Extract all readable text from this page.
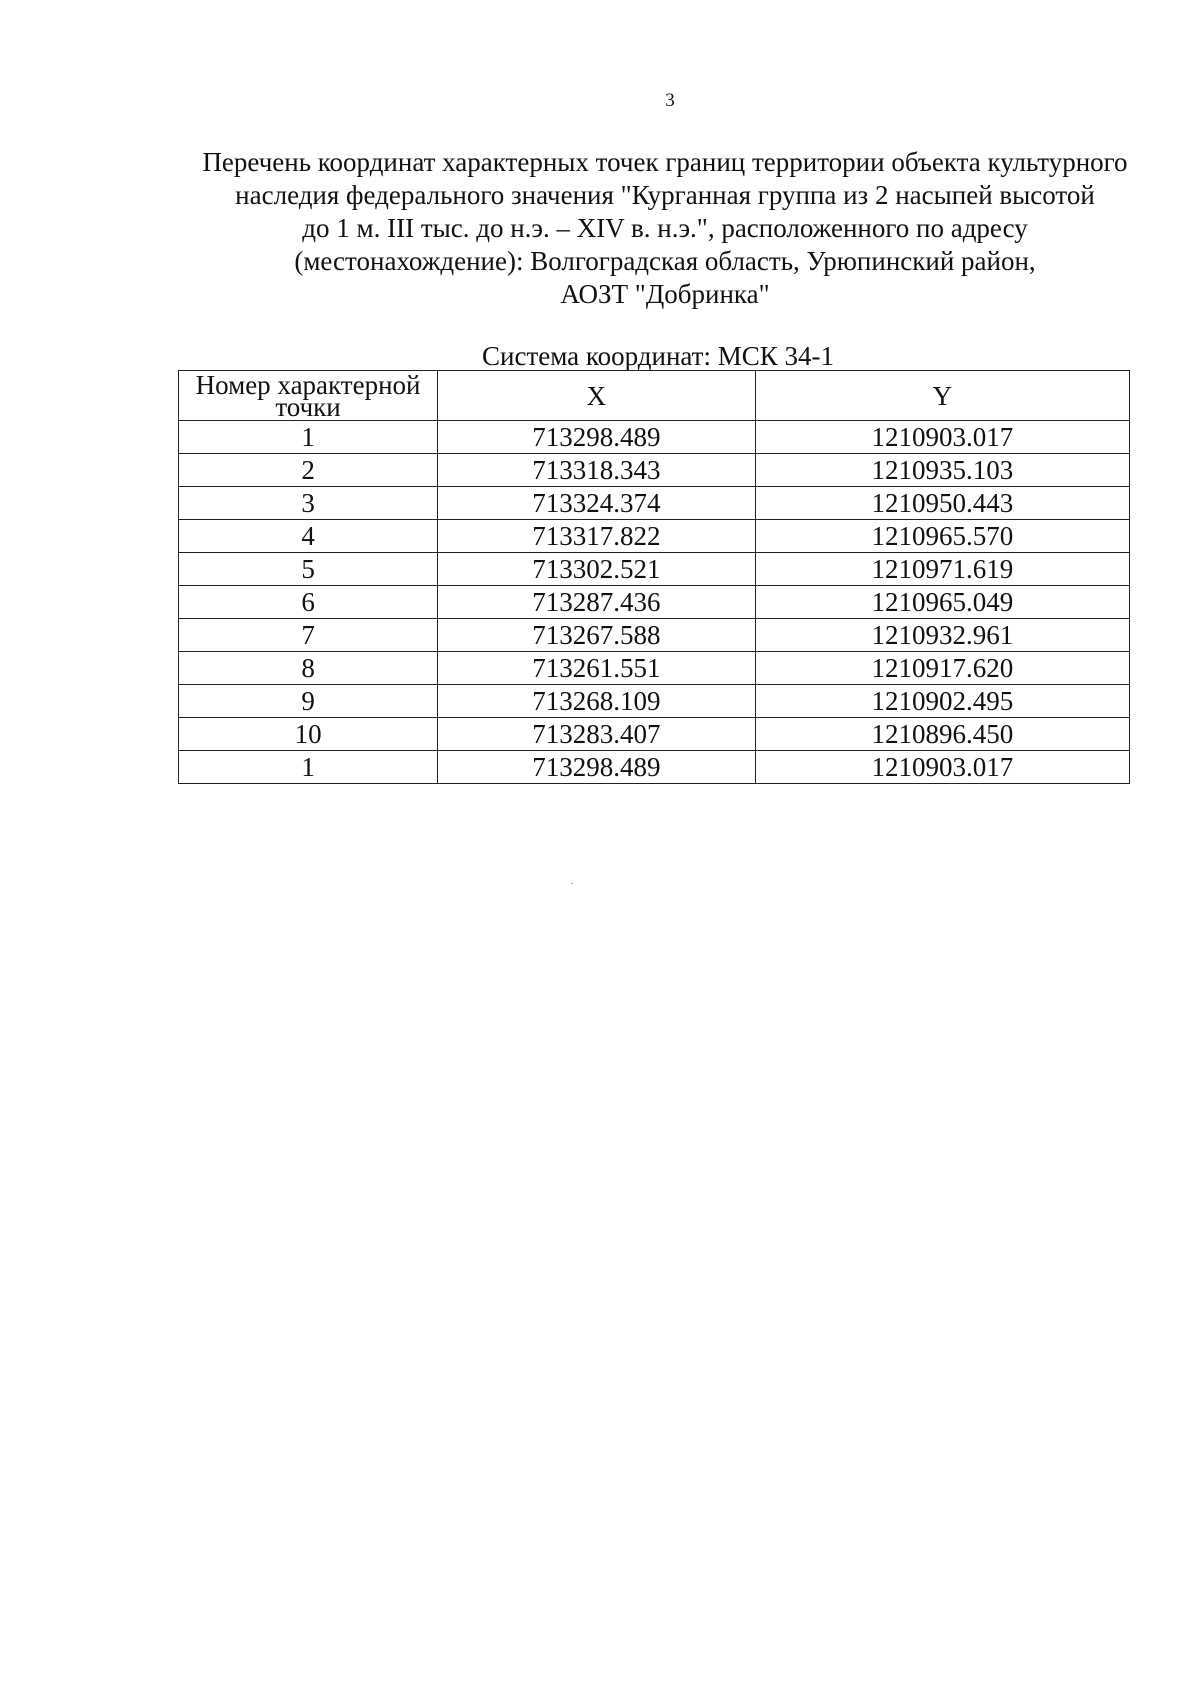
3
Перечень координат характерных точек границ территории объекта культурного
наследия федерального значения "Курганная группа из 2 насыпей высотой
до 1 м. III тыс. до н.э. – XIV в. н.э.", расположенного по адресу
(местонахождение): Волгоградская область, Урюпинский район,
АОЗТ "Добринка"
Система координат: МСК 34-1
Номер характерной
точки	X	Y
1	713298.489	1210903.017
2	713318.343	1210935.103
3	713324.374	1210950.443
4	713317.822	1210965.570
5	713302.521	1210971.619
6	713287.436	1210965.049
7	713267.588	1210932.961
8	713261.551	1210917.620
9	713268.109	1210902.495
10	713283.407	1210896.450
1	713298.489	1210903.017
